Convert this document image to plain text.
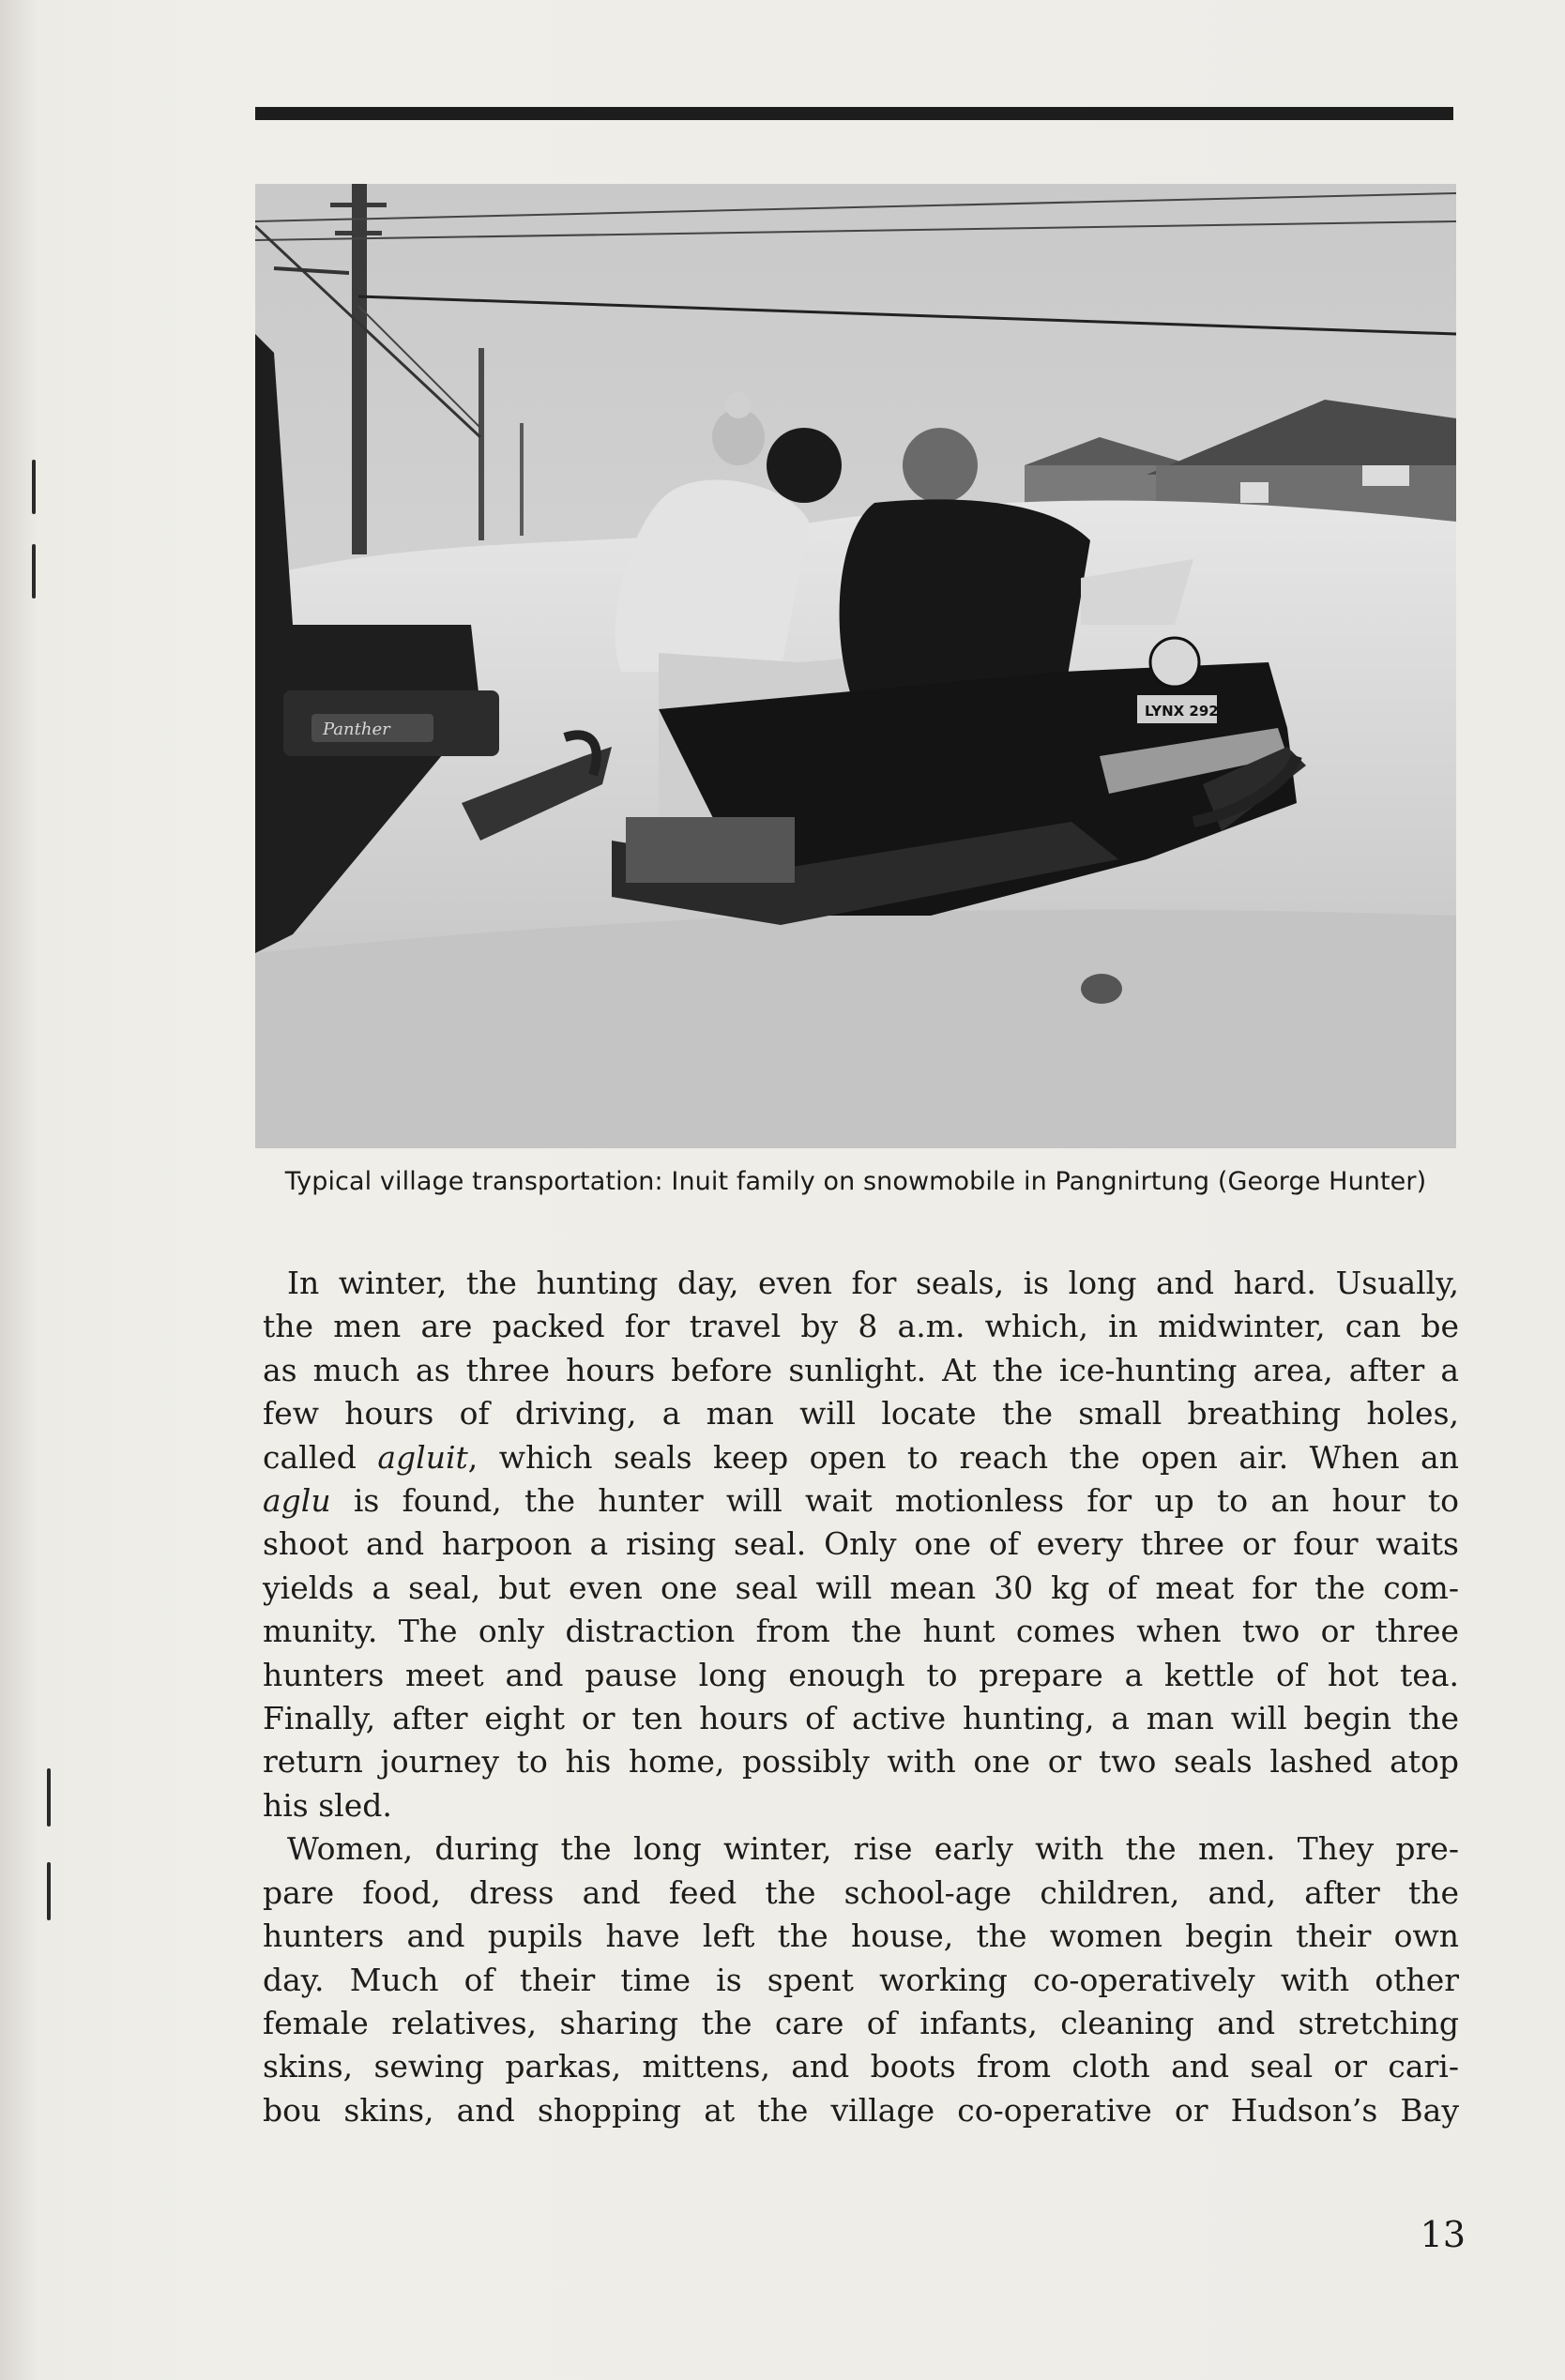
Panther
LYNX 292
Typical village transportation: Inuit family on snowmobile in Pangnirtung (George Hunter)

In winter, the hunting day, even for seals, is long and hard. Usually,
the men are packed for travel by 8 a.m. which, in midwinter, can be
as much as three hours before sunlight. At the ice-hunting area, after a
few hours of driving, a man will locate the small breathing holes,
called agluit, which seals keep open to reach the open air. When an
aglu is found, the hunter will wait motionless for up to an hour to
shoot and harpoon a rising seal. Only one of every three or four waits
yields a seal, but even one seal will mean 30 kg of meat for the com-
munity. The only distraction from the hunt comes when two or three
hunters meet and pause long enough to prepare a kettle of hot tea.
Finally, after eight or ten hours of active hunting, a man will begin the
return journey to his home, possibly with one or two seals lashed atop
his sled.

Women, during the long winter, rise early with the men. They pre-
pare food, dress and feed the school-age children, and, after the
hunters and pupils have left the house, the women begin their own
day. Much of their time is spent working co-operatively with other
female relatives, sharing the care of infants, cleaning and stretching
skins, sewing parkas, mittens, and boots from cloth and seal or cari-
bou skins, and shopping at the village co-operative or Hudson’s Bay

13
